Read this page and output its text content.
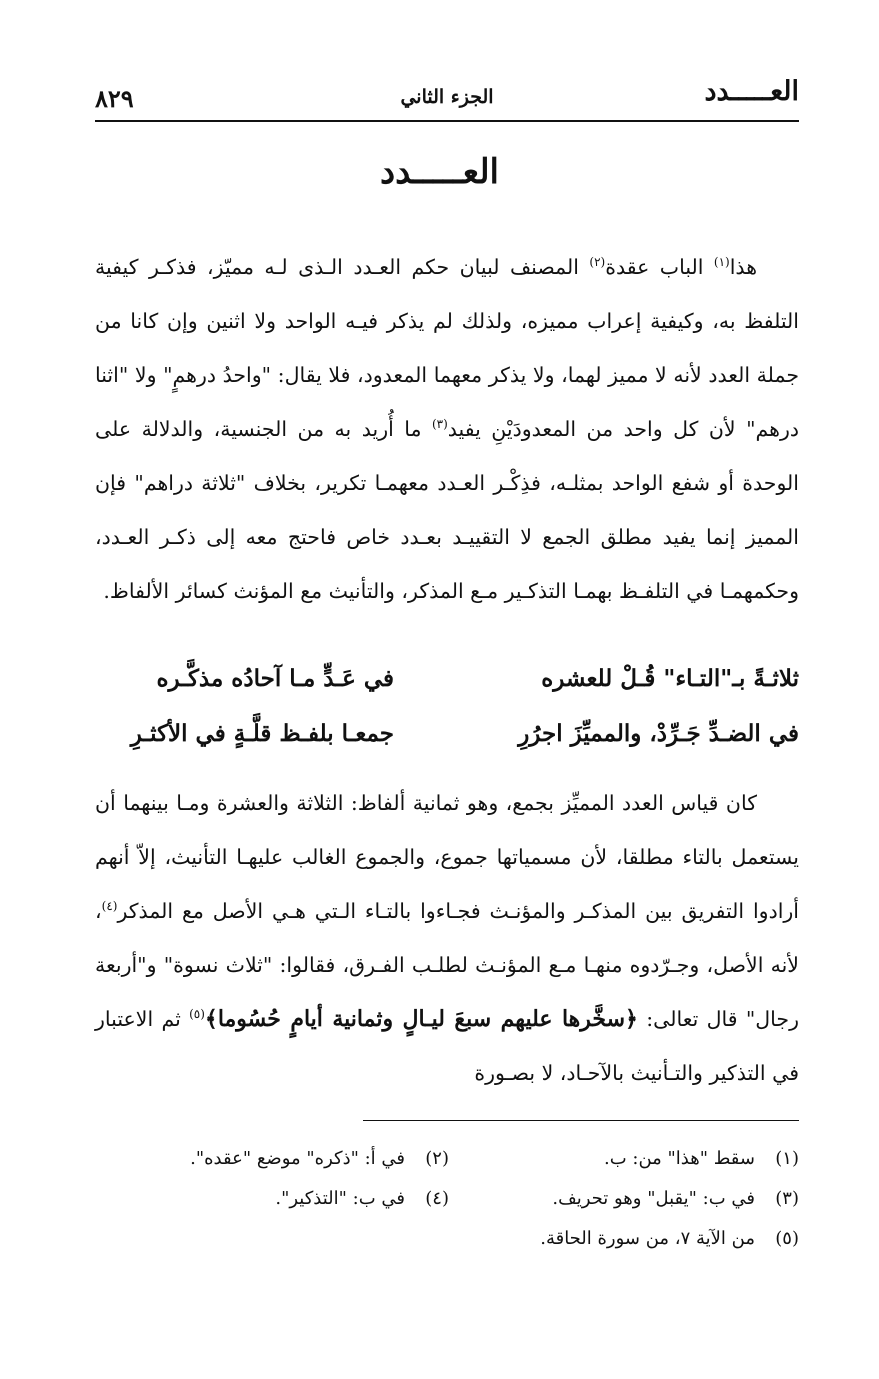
العـــــدد
الجزء الثاني
٨٢٩
العـــــدد

هذا$^{(١)}$ الباب عقدة$^{(٢)}$ المصنف لبيان حكم العـدد الـذى لـه مميّز، فذكـر كيفية التلفظ به، وكيفية إعراب مميزه، ولذلك لم يذكر فيـه الواحد ولا اثنين وإن كانا من جملة العدد لأنه لا مميز لهما، ولا يذكر معهما المعدود، فلا يقال: "واحدُ درهمٍ" ولا "اثنا درهم" لأن كل واحد من المعدودَيْنِ يفيد$^{(٣)}$ ما أُريد به من الجنسية، والدلالة على الوحدة أو شفع الواحد بمثلـه، فذِكْـر العـدد معهمـا تكرير، بخلاف "ثلاثة دراهم" فإن المميز إنما يفيد مطلق الجمع لا التقييـد بعـدد خاص فاحتج معه إلى ذكـر العـدد، وحكمهمـا في التلفـظ بهمـا التذكـير مـع المذكر، والتأنيث مع المؤنث كسائر الألفاظ.

ثلاثـةً بـ"التـاء" قُـلْ للعشره
في عَـدٍّ مـا آحادُه مذكَّـره
في الضـدِّ جَـرِّدْ، والمميِّزَ اجرُرِ
جمعـا بلفـظ قلَّـةٍ في الأكثـرِ

كان قياس العدد المميِّز بجمع، وهو ثمانية ألفاظ: الثلاثة والعشرة ومـا بينهما أن يستعمل بالتاء مطلقا، لأن مسمياتها جموع، والجموع الغالب عليهـا التأنيث، إلاّ أنهم أرادوا التفريق بين المذكـر والمؤنـث فجـاءوا بالتـاء الـتي هـي الأصل مع المذكر$^{(٤)}$، لأنه الأصل، وجـرّدوه منهـا مـع المؤنـث لطلـب الفـرق، فقالوا: "ثلاث نسوة" و"أربعة رجال" قال تعالى: ﴿سخَّرها عليهم سبعَ ليـالٍ وثمانية أيامٍ حُسُوما﴾$^{(٥)}$ ثم الاعتبار في التذكير والتـأنيث بالآحـاد، لا بصـورة

(١)سقط "هذا" من: ب.
(٢)في أ: "ذكره" موضع "عقده".
(٣)في ب: "يقبل" وهو تحريف.
(٤)في ب: "التذكير".
(٥)من الآية ٧، من سورة الحاقة.
